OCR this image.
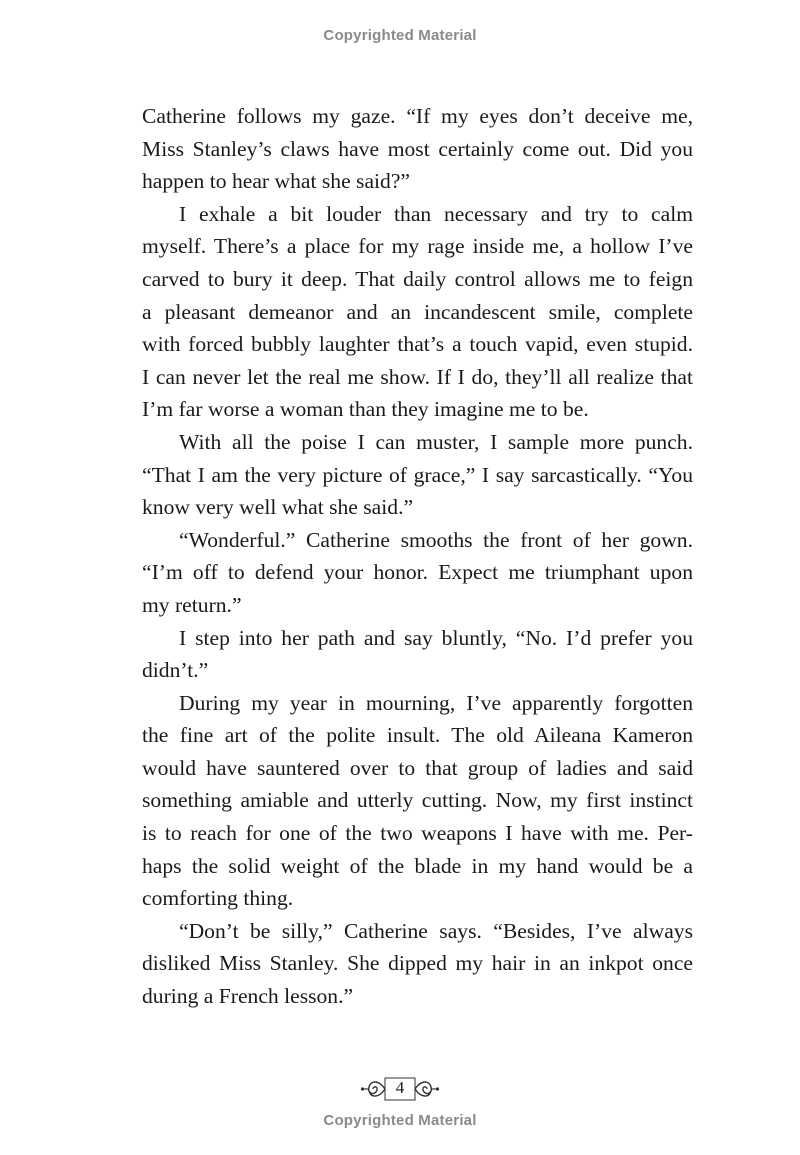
Copyrighted Material
Catherine follows my gaze. “If my eyes don’t deceive me,
Miss Stanley’s claws have most certainly come out. Did you
happen to hear what she said?”
I exhale a bit louder than necessary and try to calm
myself. There’s a place for my rage inside me, a hollow I’ve
carved to bury it deep. That daily control allows me to feign
a pleasant demeanor and an incandescent smile, complete
with forced bubbly laughter that’s a touch vapid, even stupid.
I can never let the real me show. If I do, they’ll all realize that
I’m far worse a woman than they imagine me to be.
With all the poise I can muster, I sample more punch.
“That I am the very picture of grace,” I say sarcastically. “You
know very well what she said.”
“Wonderful.” Catherine smooths the front of her gown.
“I’m off to defend your honor. Expect me triumphant upon
my return.”
I step into her path and say bluntly, “No. I’d prefer you
didn’t.”
During my year in mourning, I’ve apparently forgotten
the fine art of the polite insult. The old Aileana Kameron
would have sauntered over to that group of ladies and said
something amiable and utterly cutting. Now, my first instinct
is to reach for one of the two weapons I have with me. Per-
haps the solid weight of the blade in my hand would be a
comforting thing.
“Don’t be silly,” Catherine says. “Besides, I’ve always
disliked Miss Stanley. She dipped my hair in an inkpot once
during a French lesson.”
4
Copyrighted Material
